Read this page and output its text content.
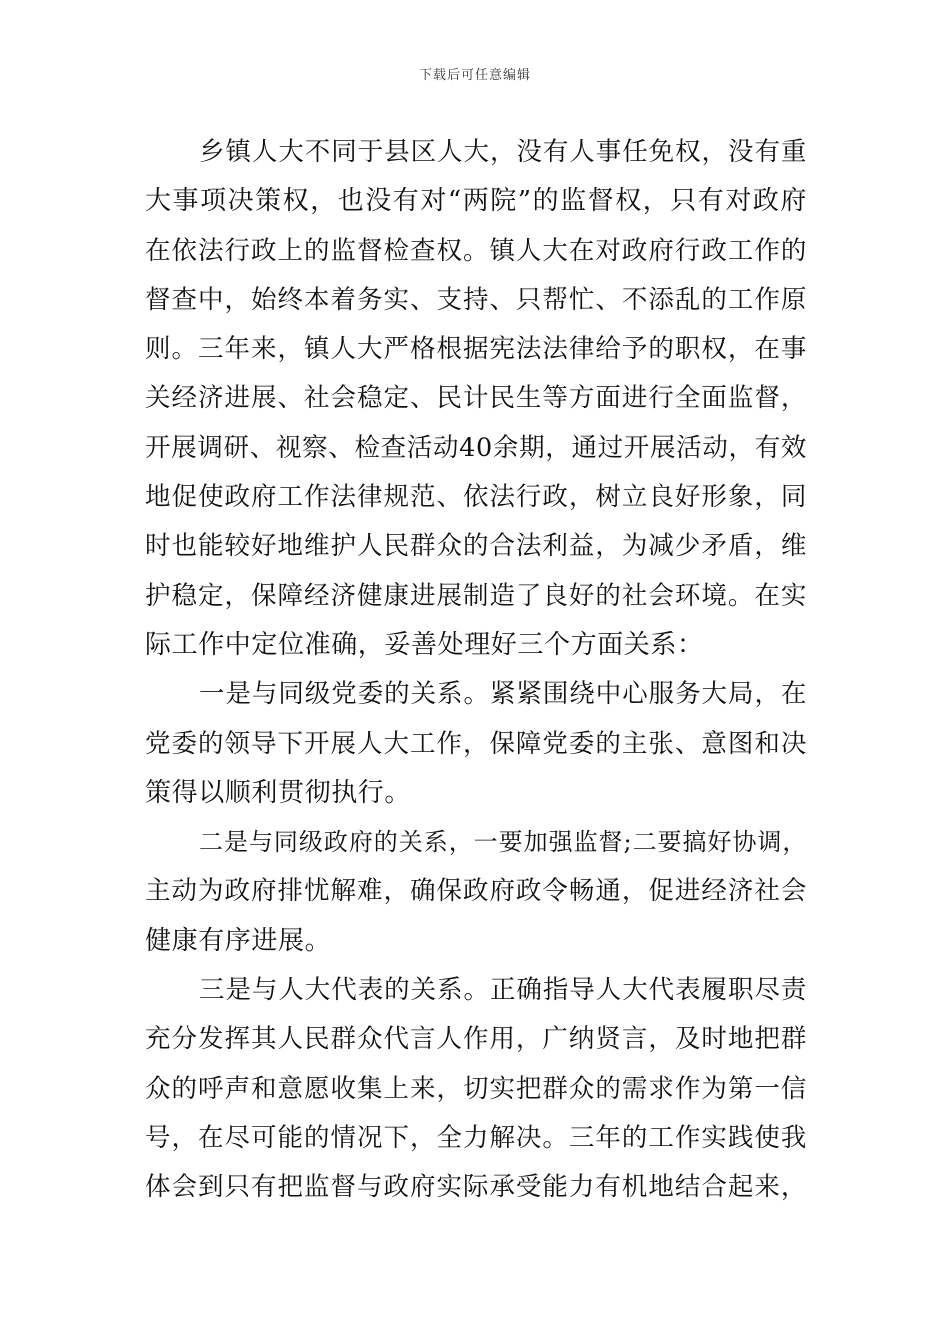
下载后可任意编辑
乡镇人大不同于县区人大，没有人事任免权，没有重
大事项决策权，也没有对“两院”的监督权，只有对政府
在依法行政上的监督检查权。镇人大在对政府行政工作的
督查中，始终本着务实、支持、只帮忙、不添乱的工作原
则。三年来，镇人大严格根据宪法法律给予的职权，在事
关经济进展、社会稳定、民计民生等方面进行全面监督，
开展调研、视察、检查活动40余期，通过开展活动，有效
地促使政府工作法律规范、依法行政，树立良好形象，同
时也能较好地维护人民群众的合法利益，为减少矛盾，维
护稳定，保障经济健康进展制造了良好的社会环境。在实
际工作中定位准确，妥善处理好三个方面关系：
一是与同级党委的关系。紧紧围绕中心服务大局，在
党委的领导下开展人大工作，保障党委的主张、意图和决
策得以顺利贯彻执行。
二是与同级政府的关系，一要加强监督;二要搞好协调，
主动为政府排忧解难，确保政府政令畅通，促进经济社会
健康有序进展。
三是与人大代表的关系。正确指导人大代表履职尽责
充分发挥其人民群众代言人作用，广纳贤言，及时地把群
众的呼声和意愿收集上来，切实把群众的需求作为第一信
号，在尽可能的情况下，全力解决。三年的工作实践使我
体会到只有把监督与政府实际承受能力有机地结合起来，
